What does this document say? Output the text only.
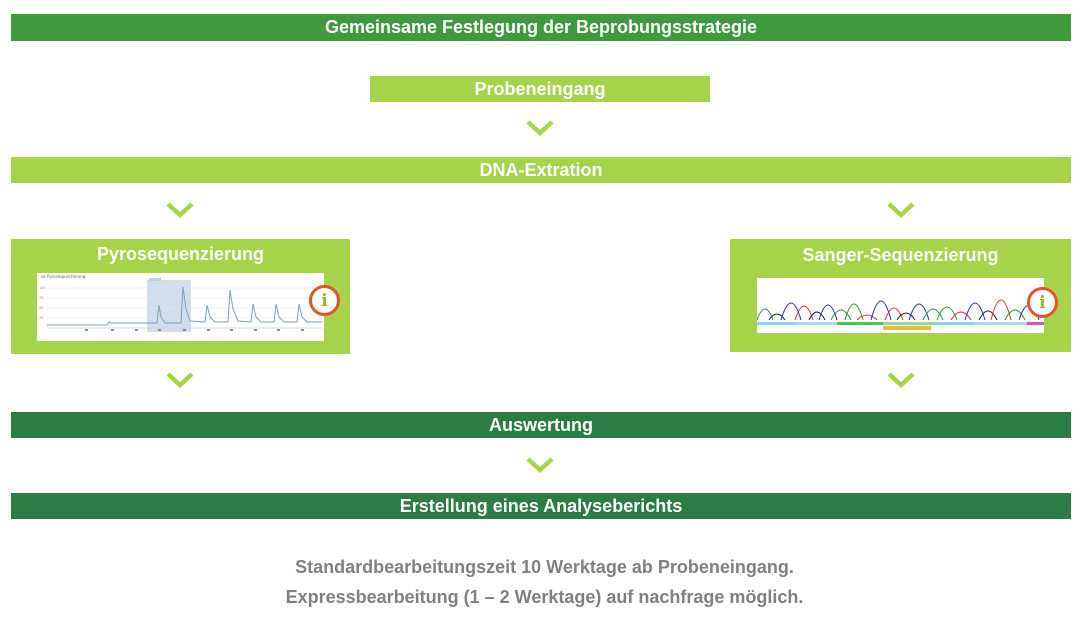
Gemeinsame Festlegung der Beprobungsstrategie
Probeneingang
DNA-Extration
Pyrosequenzierung
ok Pyrosequenzierung
100
75
50
25
i
Sanger-Sequenzierung
i
Auswertung
Erstellung eines Analyseberichts
Standardbearbeitungszeit 10 Werktage ab Probeneingang.
Expressbearbeitung (1 – 2 Werktage) auf nachfrage möglich.
